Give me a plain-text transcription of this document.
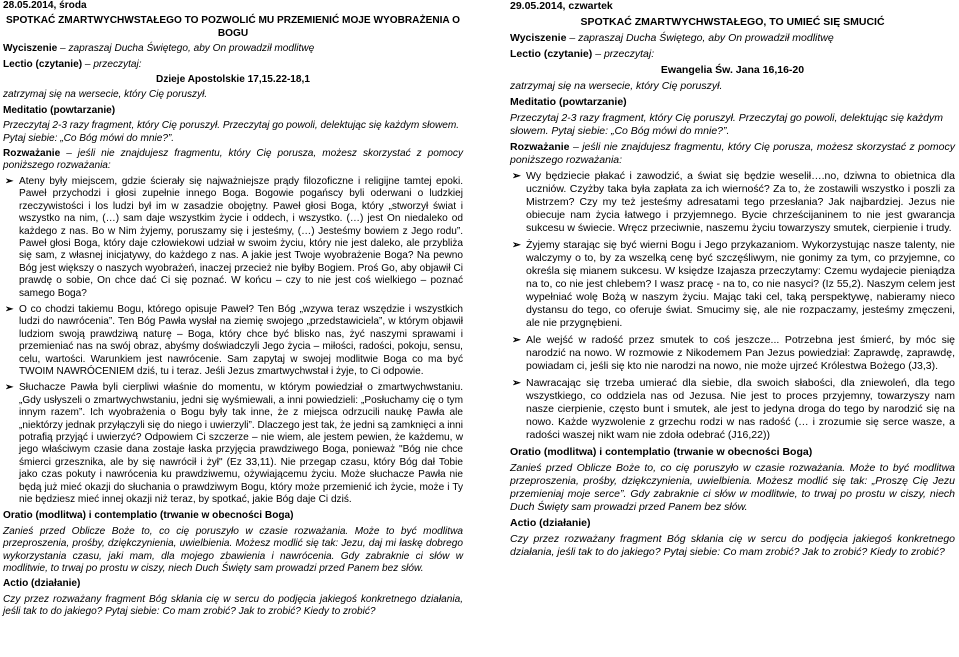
28.05.2014, środa

SPOTKAĆ ZMARTWYCHWSTAŁEGO TO POZWOLIĆ MU PRZEMIENIĆ MOJE WYOBRAŻENIA O BOGU

Wyciszenie – zapraszaj Ducha Świętego, aby On prowadził modlitwę

Lectio (czytanie) – przeczytaj:

Dzieje Apostolskie 17,15.22-18,1

zatrzymaj się na wersecie, który Cię poruszył.

Meditatio (powtarzanie)

Przeczytaj 2-3 razy fragment, który Cię poruszył. Przeczytaj go powoli, delektując się każdym słowem. Pytaj siebie: „Co Bóg mówi do mnie?”.

Rozważanie – jeśli nie znajdujesz fragmentu, który Cię porusza, możesz skorzystać z pomocy poniższego rozważania:

➢ Ateny były miejscem, gdzie ścierały się najważniejsze prądy filozoficzne i religijne tamtej epoki. Paweł przychodzi i głosi zupełnie innego Boga. Bogowie pogańscy byli oderwani o ludzkiej rzeczywistości i los ludzi był im w zasadzie obojętny. Paweł głosi Boga, który „stworzył świat i wszystko na nim, (…) sam daje wszystkim życie i oddech, i wszystko. (…) jest On niedaleko od każdego z nas. Bo w Nim żyjemy, poruszamy się i jesteśmy, (…) Jesteśmy bowiem z Jego rodu”. Paweł głosi Boga, który daje człowiekowi udział w swoim życiu, który nie jest daleko, ale przybliża się sam, z własnej inicjatywy, do każdego z nas. A jakie jest Twoje wyobrażenie Boga? Na pewno Bóg jest większy o naszych wyobrażeń, inaczej przecież nie byłby Bogiem. Proś Go, aby objawił Ci prawdę o sobie, On chce dać Ci się poznać. W końcu – czy to nie jest coś wielkiego – poznać samego Boga?
➢ O co chodzi takiemu Bogu, którego opisuje Paweł? Ten Bóg „wzywa teraz wszędzie i wszystkich ludzi do nawrócenia”. Ten Bóg Pawła wysłał na ziemię swojego „przedstawiciela”, w którym objawił ludziom swoją prawdziwą naturę – Boga, który chce być blisko nas, żyć naszymi sprawami i przemieniać nas na swój obraz, abyśmy doświadczyli Jego życia – miłości, radości, pokoju, sensu, celu, wartości. Warunkiem jest nawrócenie. Sam zapytaj w swojej modlitwie Boga co ma być TWOIM NAWRÓCENIEM dziś, tu i teraz. Jeśli Jezus zmartwychwstał i żyje, to Ci odpowie.
➢ Słuchacze Pawła byli cierpliwi właśnie do momentu, w którym powiedział o zmartwychwstaniu. „Gdy usłyszeli o zmartwychwstaniu, jedni się wyśmiewali, a inni powiedzieli: „Posłuchamy cię o tym innym razem”. Ich wyobrażenia o Bogu były tak inne, że z miejsca odrzucili naukę Pawła ale „niektórzy jednak przyłączyli się do niego i uwierzyli”. Dlaczego jest tak, że jedni są zamknięci a inni potrafią przyjąć i uwierzyć? Odpowiem Ci szczerze – nie wiem, ale jestem pewien, że każdemu, w jego właściwym czasie dana zostaje łaska przyjęcia prawdziwego Boga, ponieważ "Bóg nie chce śmierci grzesznika, ale by się nawrócił i żył" (Ez 33,11). Nie przegap czasu, który Bóg dał Tobie jako czas pokuty i nawrócenia ku prawdziwemu, ożywiającemu życiu. Może słuchacze Pawła nie będą już mieć okazji do słuchania o prawdziwym Bogu, który może przemienić ich życie, może i Ty nie będziesz mieć innej okazji niż teraz, by spotkać, jakie Bóg daje Ci dziś.

Oratio (modlitwa) i contemplatio (trwanie w obecności Boga)

Zanieś przed Oblicze Boże to, co cię poruszyło w czasie rozważania. Może to być modlitwa przeproszenia, prośby, dziękczynienia, uwielbienia. Możesz modlić się tak: Jezu, daj mi łaskę dobrego wykorzystania czasu, jaki mam, dla mojego zbawienia i nawrócenia. Gdy zabraknie ci słów w modlitwie, to trwaj po prostu w ciszy, niech Duch Święty sam prowadzi przed Panem bez słów.

Actio (działanie)

Czy przez rozważany fragment Bóg skłania cię w sercu do podjęcia jakiegoś konkretnego działania, jeśli tak to do jakiego? Pytaj siebie: Co mam zrobić? Jak to zrobić? Kiedy to zrobić?

29.05.2014, czwartek

SPOTKAĆ ZMARTWYCHWSTAŁEGO, TO UMIEĆ SIĘ SMUCIĆ

Wyciszenie – zapraszaj Ducha Świętego, aby On prowadził modlitwę

Lectio (czytanie) – przeczytaj:

Ewangelia Św. Jana 16,16-20

zatrzymaj się na wersecie, który Cię poruszył.

Meditatio (powtarzanie)

Przeczytaj 2-3 razy fragment, który Cię poruszył. Przeczytaj go powoli, delektując się każdym słowem. Pytaj siebie: „Co Bóg mówi do mnie?”.

Rozważanie – jeśli nie znajdujesz fragmentu, który Cię porusza, możesz skorzystać z pomocy poniższego rozważania:

➢ Wy będziecie płakać i zawodzić, a świat się będzie weselił….no, dziwna to obietnica dla uczniów. Czyżby taka była zapłata za ich wierność? Za to, że zostawili wszystko i poszli za Mistrzem? Czy my też jesteśmy adresatami tego przesłania? Jak najbardziej. Jezus nie obiecuje nam życia łatwego i przyjemnego. Bycie chrześcijaninem to nie jest gwarancja sukcesu w świecie. Wręcz przeciwnie, naszemu życiu towarzyszy smutek, cierpienie i trudy.
➢ Żyjemy starając się być wierni Bogu i Jego przykazaniom. Wykorzystując nasze talenty, nie walczymy o to, by za wszelką cenę być szczęśliwym, nie gonimy za tym, co przyjemne, co określa się mianem sukcesu. W księdze Izajasza przeczytamy: Czemu wydajecie pieniądza na to, co nie jest chlebem? I wasz pracę - na to, co nie nasyci? (Iz 55,2). Naszym celem jest wypełniać wolę Bożą w naszym życiu. Mając taki cel, taką perspektywę, nabieramy nieco dystansu do tego, co oferuje świat. Smucimy się, ale nie rozpaczamy, jesteśmy zmęczeni, ale nie przygnębieni.
➢ Ale wejść w radość przez smutek to coś jeszcze... Potrzebna jest śmierć, by móc się narodzić na nowo. W rozmowie z Nikodemem Pan Jezus powiedział: Zaprawdę, zaprawdę, powiadam ci, jeśli się kto nie narodzi na nowo, nie może ujrzeć Królestwa Bożego (J3,3).
➢ Nawracając się trzeba umierać dla siebie, dla swoich słabości, dla zniewoleń, dla tego wszystkiego, co oddziela nas od Jezusa. Nie jest to proces przyjemny, towarzyszy nam nasze cierpienie, często bunt i smutek, ale jest to jedyna droga do tego by narodzić się na nowo. Każde wyzwolenie z grzechu rodzi w nas radość (… i zrozumie się serce wasze, a radości waszej nikt wam nie zdoła odebrać (J16,22))

Oratio (modlitwa) i contemplatio (trwanie w obecności Boga)

Zanieś przed Oblicze Boże to, co cię poruszyło w czasie rozważania. Może to być modlitwa przeproszenia, prośby, dziękczynienia, uwielbienia. Możesz modlić się tak: „Proszę Cię Jezu przemieniaj moje serce”. Gdy zabraknie ci słów w modlitwie, to trwaj po prostu w ciszy, niech Duch Święty sam prowadzi przed Panem bez słów.

Actio (działanie)

Czy przez rozważany fragment Bóg skłania cię w sercu do podjęcia jakiegoś konkretnego działania, jeśli tak to do jakiego? Pytaj siebie: Co mam zrobić? Jak to zrobić? Kiedy to zrobić?
